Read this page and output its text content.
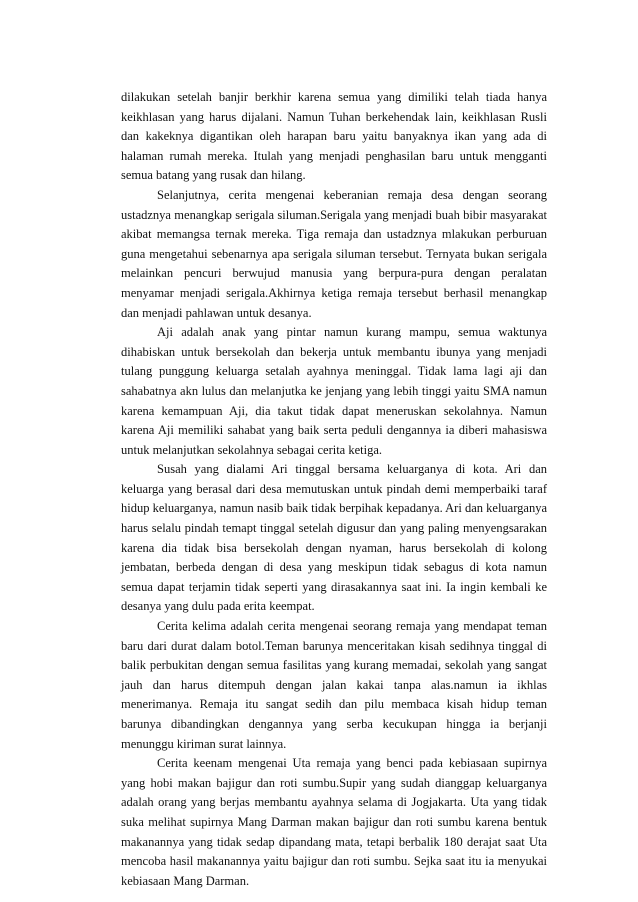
dilakukan setelah banjir berkhir karena semua yang dimiliki telah tiada hanya keikhlasan yang harus dijalani. Namun Tuhan berkehendak lain, keikhlasan Rusli dan kakeknya digantikan oleh harapan baru yaitu banyaknya ikan yang ada di halaman rumah mereka. Itulah yang menjadi penghasilan baru untuk mengganti semua batang yang rusak dan hilang.

Selanjutnya, cerita mengenai keberanian remaja desa dengan seorang ustadznya menangkap serigala siluman.Serigala yang menjadi buah bibir masyarakat akibat memangsa ternak mereka. Tiga remaja dan ustadznya mlakukan perburuan guna mengetahui sebenarnya apa serigala siluman tersebut. Ternyata bukan serigala melainkan pencuri berwujud manusia yang berpura-pura dengan peralatan menyamar menjadi serigala.Akhirnya ketiga remaja tersebut berhasil menangkap dan menjadi pahlawan untuk desanya.

Aji adalah anak yang pintar namun kurang mampu, semua waktunya dihabiskan untuk bersekolah dan bekerja untuk membantu ibunya yang menjadi tulang punggung keluarga setalah ayahnya meninggal. Tidak lama lagi aji dan sahabatnya akn lulus dan melanjutka ke jenjang yang lebih tinggi yaitu SMA namun karena kemampuan Aji, dia takut tidak dapat meneruskan sekolahnya. Namun karena Aji memiliki sahabat yang baik serta peduli dengannya ia diberi mahasiswa untuk melanjutkan sekolahnya sebagai cerita ketiga.

Susah yang dialami Ari tinggal bersama keluarganya di kota. Ari dan keluarga yang berasal dari desa memutuskan untuk pindah demi memperbaiki taraf hidup keluarganya, namun nasib baik tidak berpihak kepadanya. Ari dan keluarganya harus selalu pindah temapt tinggal setelah digusur dan yang paling menyengsarakan karena dia tidak bisa bersekolah dengan nyaman, harus bersekolah di kolong jembatan, berbeda dengan di desa yang meskipun tidak sebagus di kota namun semua dapat terjamin tidak seperti yang dirasakannya saat ini. Ia ingin kembali ke desanya yang dulu pada erita keempat.

Cerita kelima adalah cerita mengenai seorang remaja yang mendapat teman baru dari durat dalam botol.Teman barunya menceritakan kisah sedihnya tinggal di balik perbukitan dengan semua fasilitas yang kurang memadai, sekolah yang sangat jauh dan harus ditempuh dengan jalan kakai tanpa alas.namun ia ikhlas menerimanya. Remaja itu sangat sedih dan pilu membaca kisah hidup teman barunya dibandingkan dengannya yang serba kecukupan hingga ia berjanji menunggu kiriman surat lainnya.

Cerita keenam mengenai Uta remaja yang benci pada kebiasaan supirnya yang hobi makan bajigur dan roti sumbu.Supir yang sudah dianggap keluarganya adalah orang yang berjas membantu ayahnya selama di Jogjakarta. Uta yang tidak suka melihat supirnya Mang Darman makan bajigur dan roti sumbu karena bentuk makanannya yang tidak sedap dipandang mata, tetapi berbalik 180 derajat saat Uta mencoba hasil makanannya yaitu bajigur dan roti sumbu. Sejka saat itu ia menyukai kebiasaan Mang Darman.
